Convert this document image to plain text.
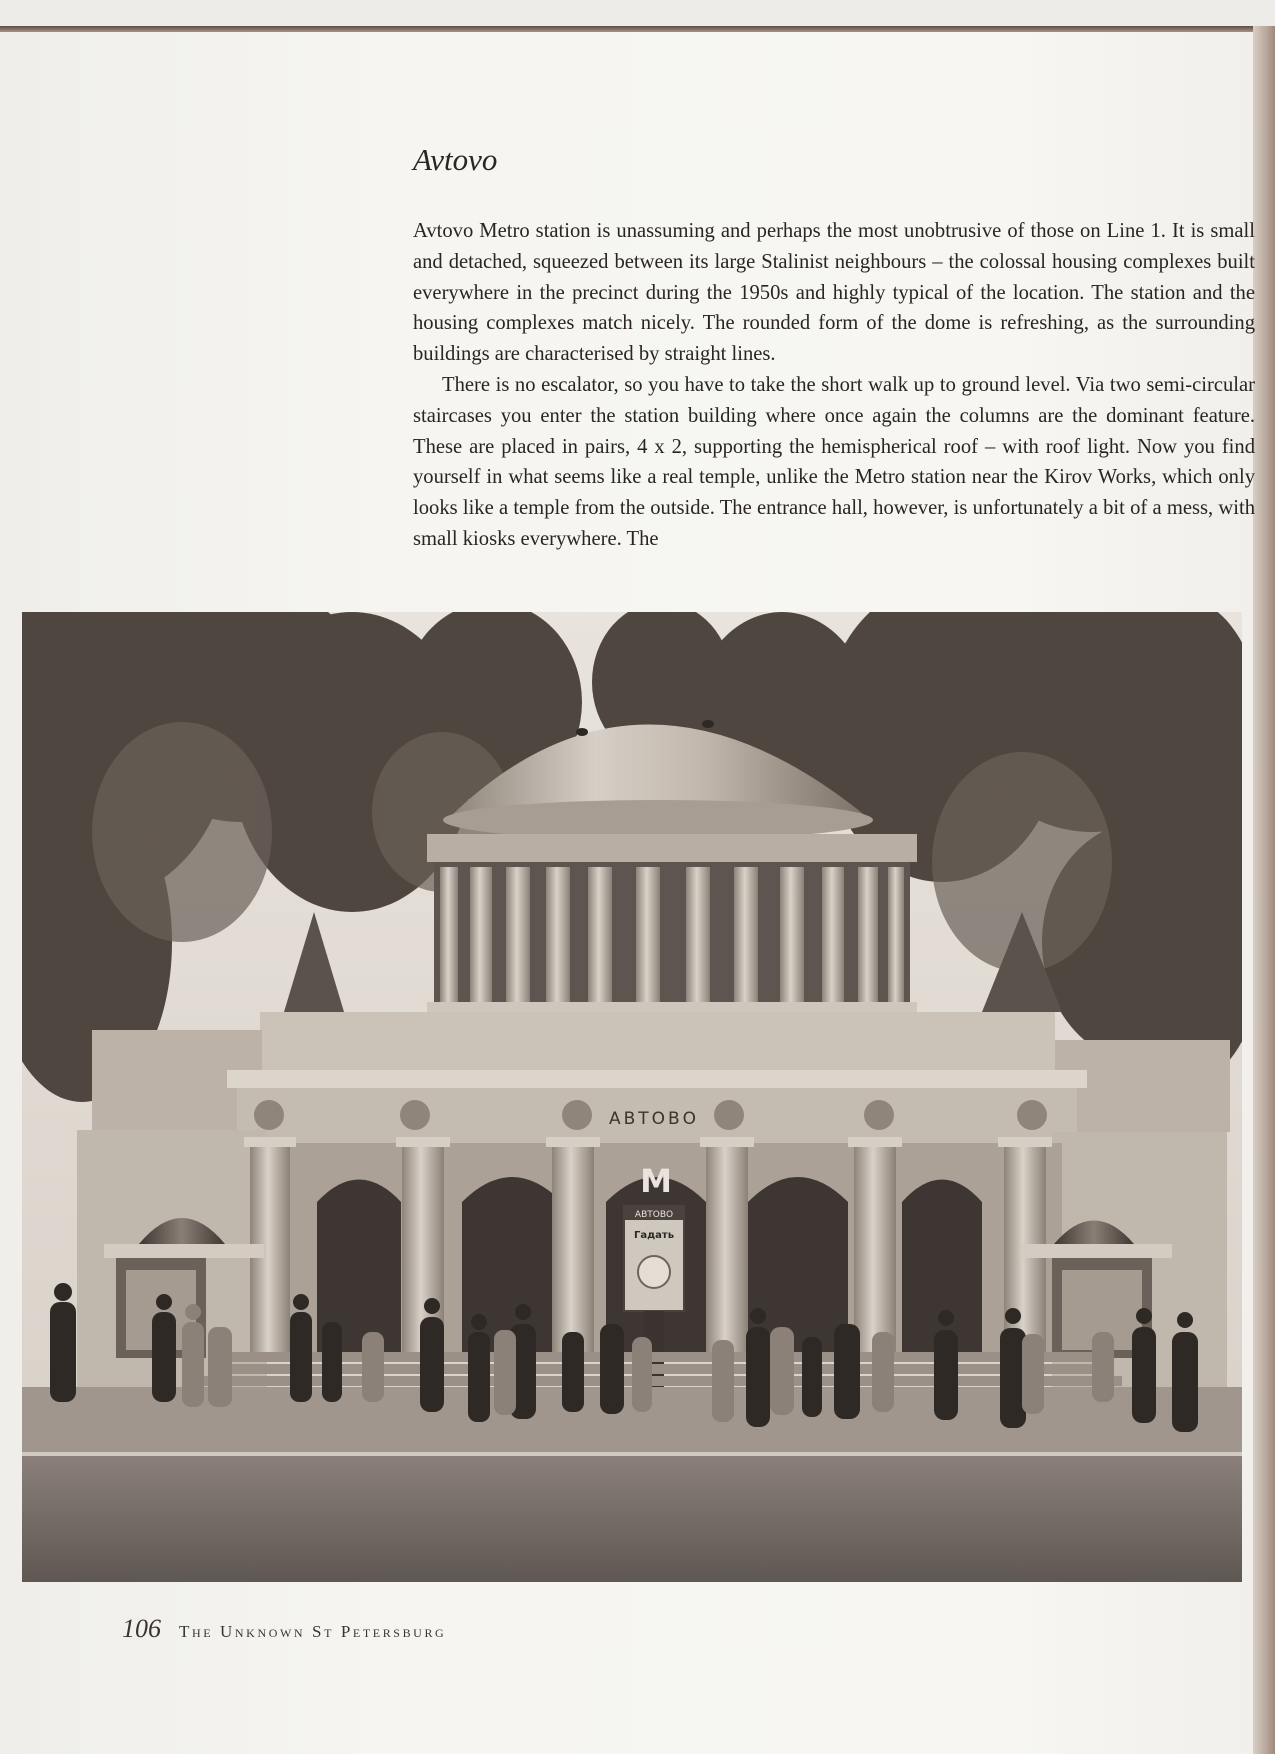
Avtovo

Avtovo Metro station is unassuming and perhaps the most unobtrusive of those on Line 1. It is small and detached, squeezed between its large Stalinist neighbours – the colossal housing complexes built everywhere in the precinct during the 1950s and highly typical of the location. The station and the housing complexes match nicely. The rounded form of the dome is refreshing, as the surrounding buildings are characterised by straight lines.
There is no escalator, so you have to take the short walk up to ground level. Via two semi-circular staircases you enter the station building where once again the columns are the dominant feature. These are placed in pairs, 4 x 2, supporting the hemispherical roof – with roof light. Now you find yourself in what seems like a real temple, unlike the Metro station near the Kirov Works, which only looks like a temple from the outside. The entrance hall, however, is unfortunately a bit of a mess, with small kiosks everywhere. The

АВТОВО
М
АВТОВО
Гадать

106 The Unknown St Petersburg
